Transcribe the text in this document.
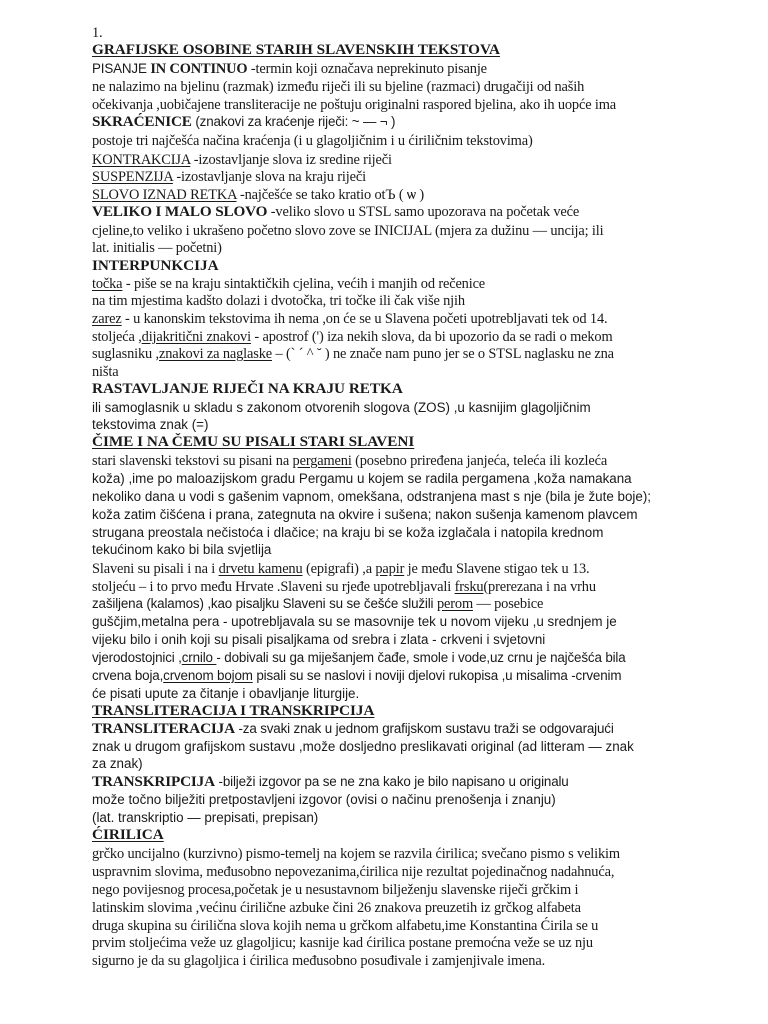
1.
GRAFIJSKE OSOBINE STARIH SLAVENSKIH TEKSTOVA
PISANJE IN CONTINUO -termin koji označava neprekinuto pisanje
ne nalazimo na bjelinu (razmak) između riječi ili su bjeline (razmaci) drugačiji od naših
očekivanja ,uobičajene transliteracije ne poštuju originalni raspored bjelina, ako ih uopće ima
SKRAĆENICE (znakovi za kraćenje riječi: ~ — ¬ )
postoje tri najčešća načina kraćenja (i u glagoljičnim i u ćiriličnim tekstovima)
KONTRAKCIJA -izostavljanje slova iz sredine riječi
SUSPENZIJA -izostavljanje slova na kraju riječi
SLOVO IZNAD RETKA -najčešće se tako kratio otЪ ( ѡ )
VELIKO I MALO SLOVO -veliko slovo u STSL samo upozorava na početak veće
cjeline,to veliko i ukrašeno početno slovo zove se INICIJAL (mjera za dužinu — uncija; ili
lat. initialis — početni)
INTERPUNKCIJA
točka - piše se na kraju sintaktičkih cjelina, većih i manjih od rečenice
na tim mjestima kadšto dolazi i dvotočka, tri točke ili čak više njih
zarez - u kanonskim tekstovima ih nema ,on će se u Slavena početi upotrebljavati tek od 14.
stoljeća ,dijakritični znakovi - apostrof (') iza nekih slova, da bi upozorio da se radi o mekom
suglasniku ,znakovi za naglaske – (` ´ ^ ˘ ) ne znače nam puno jer se o STSL naglasku ne zna
ništa
RASTAVLJANJE RIJEČI NA KRAJU RETKA
ili samoglasnik u skladu s zakonom otvorenih slogova (ZOS) ,u kasnijim glagoljičnim
tekstovima znak (=)
ČIME I NA ČEMU SU PISALI STARI SLAVENI
stari slavenski tekstovi su pisani na pergameni (posebno priređena janjeća, teleća ili kozleća
koža) ,ime po maloazijskom gradu Pergamu u kojem se radila pergamena ,koža namakana
nekoliko dana u vodi s gašenim vapnom, omekšana, odstranjena mast s nje (bila je žute boje);
koža zatim čišćena i prana, zategnuta na okvire i sušena; nakon sušenja kamenom plavcem
strugana preostala nečistoća i dlačice; na kraju bi se koža izglačala i natopila krednom
tekućinom kako bi bila svjetlija
Slaveni su pisali i na i drvetu kamenu (epigrafi) ,a papir je među Slavene stigao tek u 13.
stoljeću – i to prvo među Hrvate .Slaveni su rjeđe upotrebljavali frsku(prerezana i na vrhu
zašiljena (kalamos) ,kao pisaljku Slaveni su se češće služili perom — posebice
guščjim,metalna pera - upotrebljavala su se masovnije tek u novom vijeku ,u srednjem je
vijeku bilo i onih koji su pisali pisaljkama od srebra i zlata - crkveni i svjetovni
vjerodostojnici ,crnilo - dobivali su ga miješanjem čađe, smole i vode,uz crnu je najčešća bila
crvena boja,crvenom bojom pisali su se naslovi i noviji djelovi rukopisa ,u misalima -crvenim
će pisati upute za čitanje i obavljanje liturgije.
TRANSLITERACIJA I TRANSKRIPCIJA
TRANSLITERACIJA -za svaki znak u jednom grafijskom sustavu traži se odgovarajući
znak u drugom grafijskom sustavu ,može dosljedno preslikavati original (ad litteram — znak
za znak)
TRANSKRIPCIJA -bilježi izgovor pa se ne zna kako je bilo napisano u originalu
može točno bilježiti pretpostavljeni izgovor (ovisi o načinu prenošenja i znanju)
(lat. transkriptio — prepisati, prepisan)
ĆIRILICA
grčko uncijalno (kurzivno) pismo-temelj na kojem se razvila ćirilica; svečano pismo s velikim
uspravnim slovima, međusobno nepovezanima,ćirilica nije rezultat pojedinačnog nadahnuća,
nego povijesnog procesa,početak je u nesustavnom bilježenju slavenske riječi grčkim i
latinskim slovima ,većinu ćirilične azbuke čini 26 znakova preuzetih iz grčkog alfabeta
druga skupina su ćirilična slova kojih nema u grčkom alfabetu,ime Konstantina Ćirila se u
prvim stoljećima veže uz glagoljicu; kasnije kad ćirilica postane premoćna veže se uz nju
sigurno je da su glagoljica i ćirilica međusobno posuđivale i zamjenjivale imena.
